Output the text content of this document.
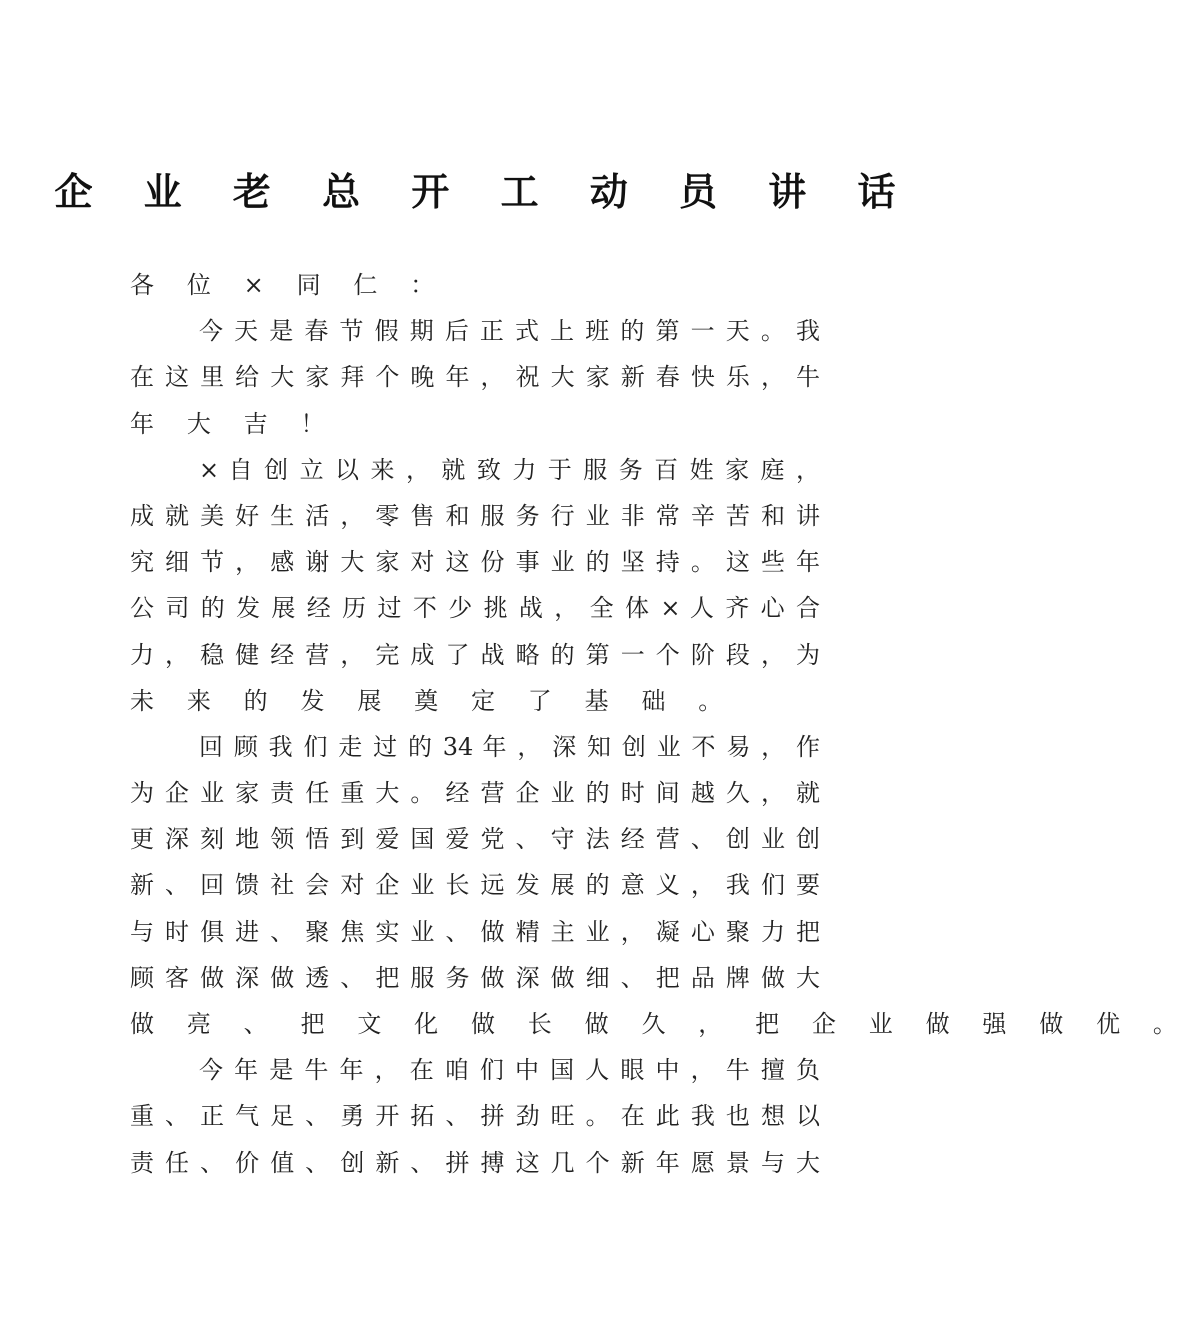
企 业 老 总 开 工 动 员 讲 话
各 位 × 同 仁 ：
今 天 是 春 节 假 期 后 正 式 上 班 的 第 一 天 。 我
在 这 里 给 大 家 拜 个 晚 年 ， 祝 大 家 新 春 快 乐 ， 牛
年 大 吉 ！
× 自 创 立 以 来 ， 就 致 力 于 服 务 百 姓 家 庭 ，
成 就 美 好 生 活 ， 零 售 和 服 务 行 业 非 常 辛 苦 和 讲
究 细 节 ， 感 谢 大 家 对 这 份 事 业 的 坚 持 。 这 些 年
公 司 的 发 展 经 历 过 不 少 挑 战 ， 全 体 × 人 齐 心 合
力 ， 稳 健 经 营 ， 完 成 了 战 略 的 第 一 个 阶 段 ， 为
未 来 的 发 展 奠 定 了 基 础 。
回 顾 我 们 走 过 的 34 年 ， 深 知 创 业 不 易 ， 作
为 企 业 家 责 任 重 大 。 经 营 企 业 的 时 间 越 久 ， 就
更 深 刻 地 领 悟 到 爱 国 爱 党 、 守 法 经 营 、 创 业 创
新 、 回 馈 社 会 对 企 业 长 远 发 展 的 意 义 ， 我 们 要
与 时 俱 进 、 聚 焦 实 业 、 做 精 主 业 ， 凝 心 聚 力 把
顾 客 做 深 做 透 、 把 服 务 做 深 做 细 、 把 品 牌 做 大
做 亮 、 把 文 化 做 长 做 久 ， 把 企 业 做 强 做 优 。
今 年 是 牛 年 ， 在 咱 们 中 国 人 眼 中 ， 牛 擅 负
重 、 正 气 足 、 勇 开 拓 、 拼 劲 旺 。 在 此 我 也 想 以
责 任 、 价 值 、 创 新 、 拼 搏 这 几 个 新 年 愿 景 与 大
